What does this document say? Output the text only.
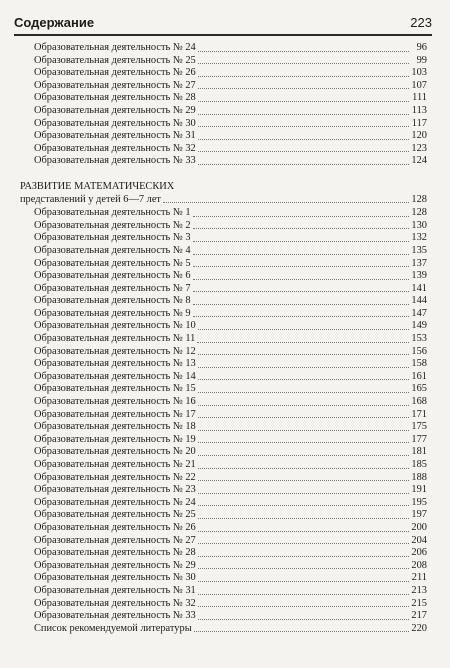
Содержание	223
Образовательная деятельность № 24	96
Образовательная деятельность № 25	99
Образовательная деятельность № 26	103
Образовательная деятельность № 27	107
Образовательная деятельность № 28	111
Образовательная деятельность № 29	113
Образовательная деятельность № 30	117
Образовательная деятельность № 31	120
Образовательная деятельность № 32	123
Образовательная деятельность № 33	124
РАЗВИТИЕ МАТЕМАТИЧЕСКИХ
представлений у детей 6—7 лет	128
Образовательная деятельность № 1	128
Образовательная деятельность № 2	130
Образовательная деятельность № 3	132
Образовательная деятельность № 4	135
Образовательная деятельность № 5	137
Образовательная деятельность № 6	139
Образовательная деятельность № 7	141
Образовательная деятельность № 8	144
Образовательная деятельность № 9	147
Образовательная деятельность № 10	149
Образовательная деятельность № 11	153
Образовательная деятельность № 12	156
Образовательная деятельность № 13	158
Образовательная деятельность № 14	161
Образовательная деятельность № 15	165
Образовательная деятельность № 16	168
Образовательная деятельность № 17	171
Образовательная деятельность № 18	175
Образовательная деятельность № 19	177
Образовательная деятельность № 20	181
Образовательная деятельность № 21	185
Образовательная деятельность № 22	188
Образовательная деятельность № 23	191
Образовательная деятельность № 24	195
Образовательная деятельность № 25	197
Образовательная деятельность № 26	200
Образовательная деятельность № 27	204
Образовательная деятельность № 28	206
Образовательная деятельность № 29	208
Образовательная деятельность № 30	211
Образовательная деятельность № 31	213
Образовательная деятельность № 32	215
Образовательная деятельность № 33	217
Список рекомендуемой литературы	220
